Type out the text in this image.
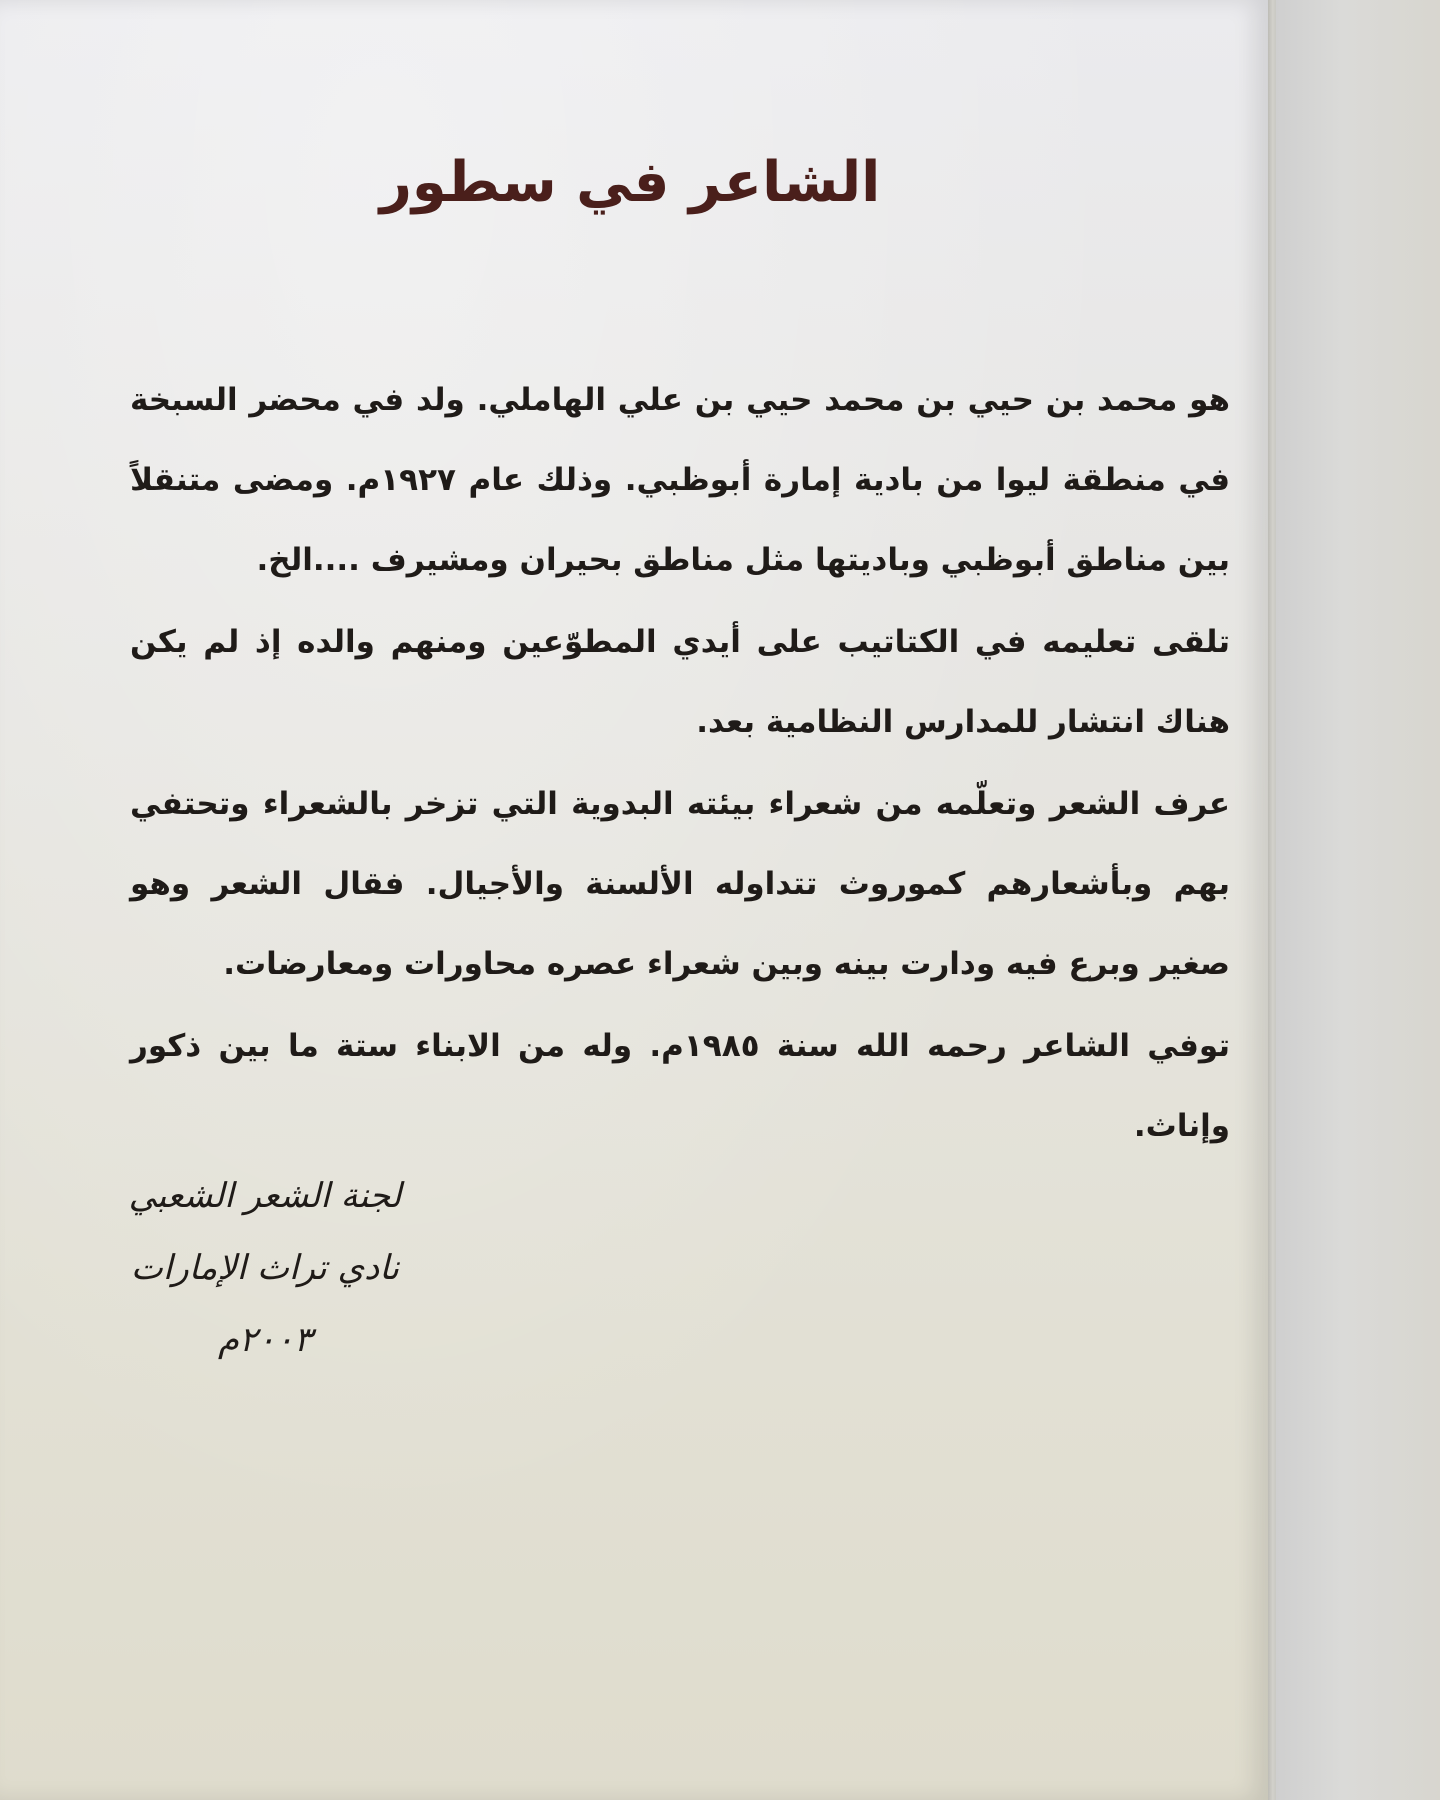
الشاعر في سطور

هو محمد بن حيي بن محمد حيي بن علي الهاملي. ولد في محضر السبخة في منطقة ليوا من بادية إمارة أبوظبي. وذلك عام ١٩٢٧م. ومضى متنقلاً بين مناطق أبوظبي وباديتها مثل مناطق بحيران ومشيرف ....الخ.

تلقى تعليمه في الكتاتيب على أيدي المطوّعين ومنهم والده إذ لم يكن هناك انتشار للمدارس النظامية بعد.

عرف الشعر وتعلّمه من شعراء بيئته البدوية التي تزخر بالشعراء وتحتفي بهم وبأشعارهم كموروث تتداوله الألسنة والأجيال. فقال الشعر وهو صغير وبرع فيه ودارت بينه وبين شعراء عصره محاورات ومعارضات.

توفي الشاعر رحمه الله سنة ١٩٨٥م. وله من الابناء ستة ما بين ذكور وإناث.

لجنة الشعر الشعبي
نادي تراث الإمارات
٢٠٠٣م
